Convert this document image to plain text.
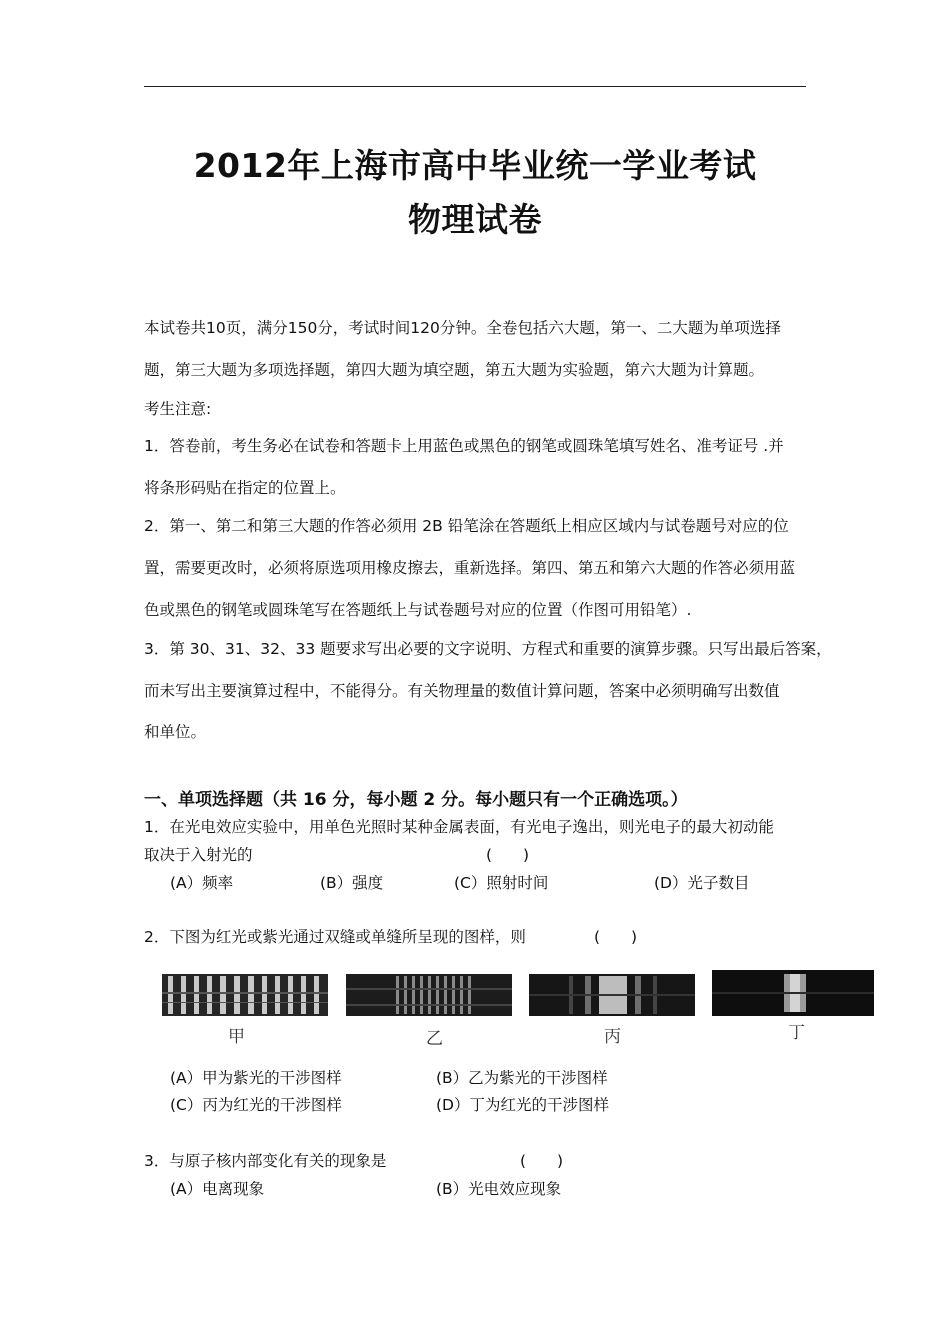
2012年上海市高中毕业统一学业考试
物理试卷
本试卷共10页，满分150分，考试时间120分钟。全卷包括六大题，第一、二大题为单项选择
题，第三大题为多项选择题，第四大题为填空题，第五大题为实验题，第六大题为计算题。
考生注意:
1．答卷前，考生务必在试卷和答题卡上用蓝色或黑色的钢笔或圆珠笔填写姓名、准考证号 .并
将条形码贴在指定的位置上。
2．第一、第二和第三大题的作答必须用 2B 铅笔涂在答题纸上相应区域内与试卷题号对应的位
置，需要更改时，必须将原选项用橡皮擦去，重新选择。第四、第五和第六大题的作答必须用蓝
色或黑色的钢笔或圆珠笔写在答题纸上与试卷题号对应的位置（作图可用铅笔）.
3．第 30、31、32、33 题要求写出必要的文字说明、方程式和重要的演算步骤。只写出最后答案，
而未写出主要演算过程中，不能得分。有关物理量的数值计算问题，答案中必须明确写出数值
和单位。
一、单项选择题（共 16 分，每小题 2 分。每小题只有一个正确选项。）
1．在光电效应实验中，用单色光照时某种金属表面，有光电子逸出，则光电子的最大初动能
取决于入射光的	(　　)
(A）频率	(B）强度	(C）照射时间	(D）光子数目
2．下图为红光或紫光通过双缝或单缝所呈现的图样，则	(　　)
甲	乙	丙	丁
(A）甲为紫光的干涉图样	(B）乙为紫光的干涉图样
(C）丙为红光的干涉图样	(D）丁为红光的干涉图样
3．与原子核内部变化有关的现象是	(　　)
(A）电离现象	(B）光电效应现象
